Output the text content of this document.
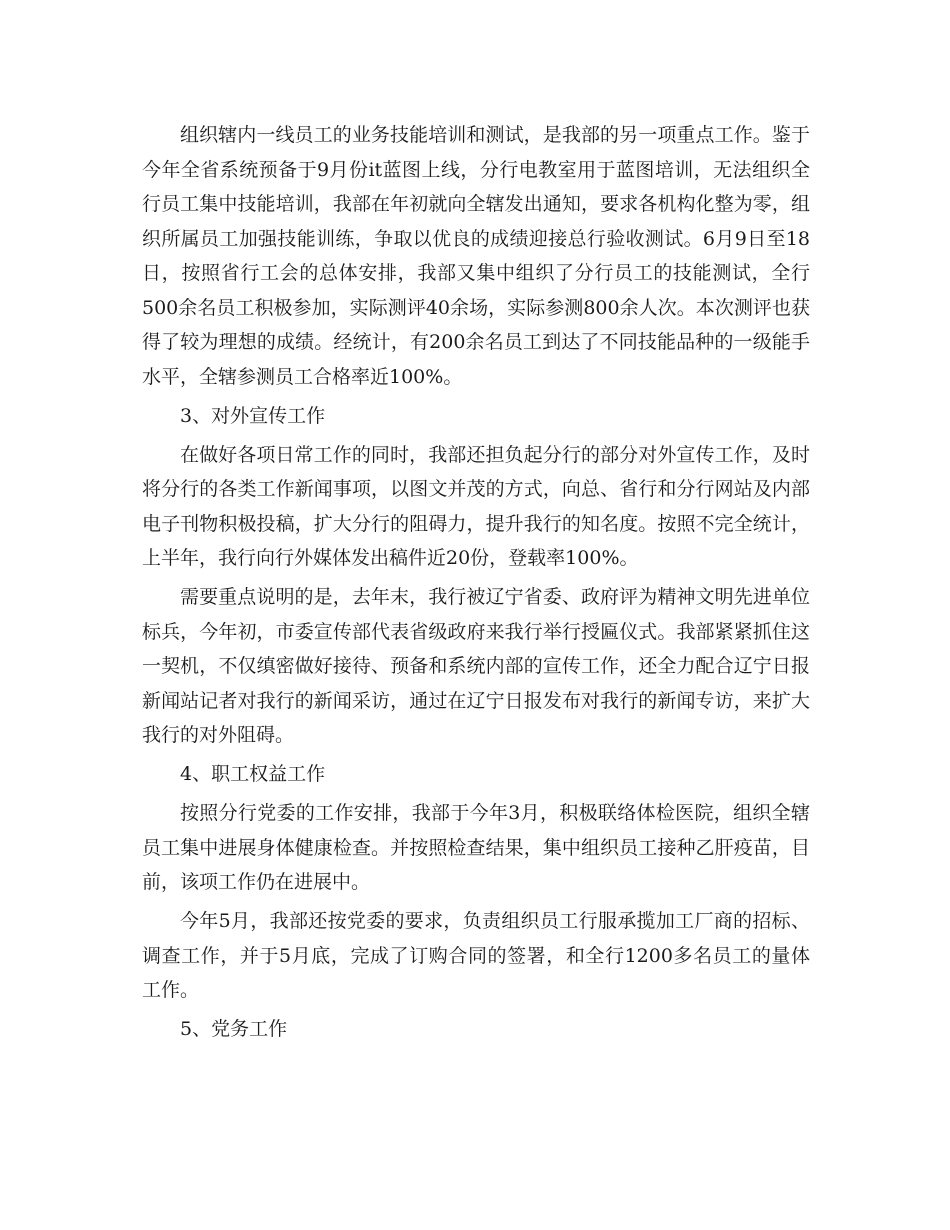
组织辖内一线员工的业务技能培训和测试，是我部的另一项重点工作。鉴于今年全省系统预备于9月份it蓝图上线，分行电教室用于蓝图培训，无法组织全行员工集中技能培训，我部在年初就向全辖发出通知，要求各机构化整为零，组织所属员工加强技能训练，争取以优良的成绩迎接总行验收测试。6月9日至18日，按照省行工会的总体安排，我部又集中组织了分行员工的技能测试，全行500余名员工积极参加，实际测评40余场，实际参测800余人次。本次测评也获得了较为理想的成绩。经统计，有200余名员工到达了不同技能品种的一级能手水平，全辖参测员工合格率近100%。

3、对外宣传工作

在做好各项日常工作的同时，我部还担负起分行的部分对外宣传工作，及时将分行的各类工作新闻事项，以图文并茂的方式，向总、省行和分行网站及内部电子刊物积极投稿，扩大分行的阻碍力，提升我行的知名度。按照不完全统计，上半年，我行向行外媒体发出稿件近20份，登载率100%。

需要重点说明的是，去年末，我行被辽宁省委、政府评为精神文明先进单位标兵，今年初，市委宣传部代表省级政府来我行举行授匾仪式。我部紧紧抓住这一契机，不仅缜密做好接待、预备和系统内部的宣传工作，还全力配合辽宁日报新闻站记者对我行的新闻采访，通过在辽宁日报发布对我行的新闻专访，来扩大我行的对外阻碍。

4、职工权益工作

按照分行党委的工作安排，我部于今年3月，积极联络体检医院，组织全辖员工集中进展身体健康检查。并按照检查结果，集中组织员工接种乙肝疫苗，目前，该项工作仍在进展中。

今年5月，我部还按党委的要求，负责组织员工行服承揽加工厂商的招标、调查工作，并于5月底，完成了订购合同的签署，和全行1200多名员工的量体工作。

5、党务工作
